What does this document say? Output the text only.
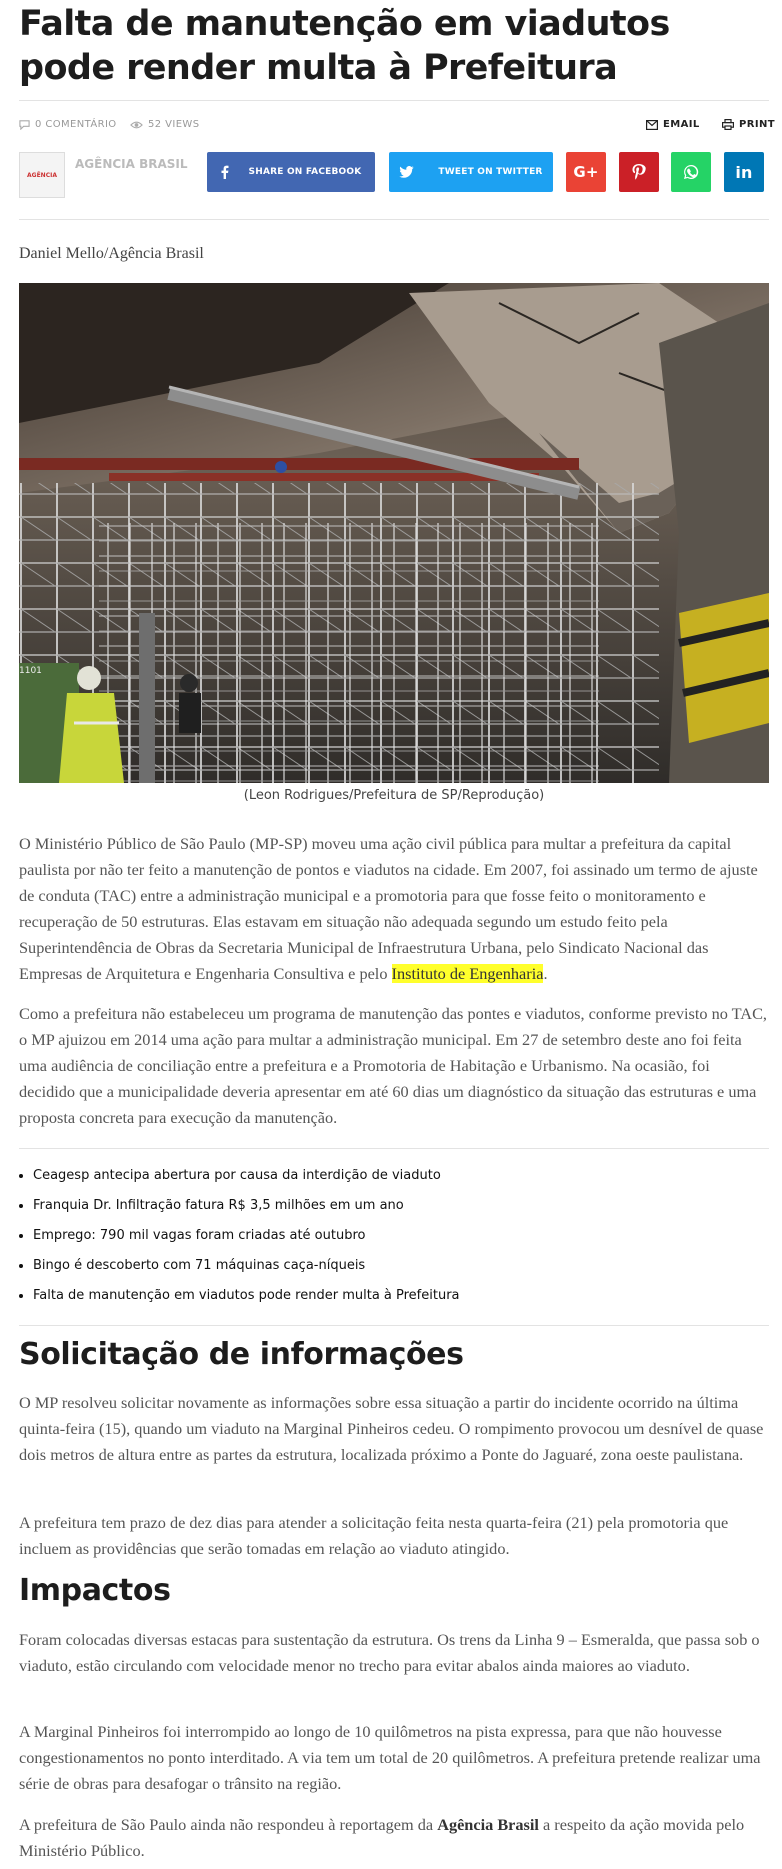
Falta de manutenção em viadutos pode render multa à Prefeitura
0 COMENTÁRIO	52 VIEWS	EMAIL	PRINT
AGÊNCIA
AGÊNCIA BRASIL
SHARE ON FACEBOOK	TWEET ON TWITTER G+	in
Daniel Mello/Agência Brasil
1101
(Leon Rodrigues/Prefeitura de SP/Reprodução)

O Ministério Público de São Paulo (MP-SP) moveu uma ação civil pública para multar a prefeitura da capital paulista por não ter feito a manutenção de pontos e viadutos na cidade. Em 2007, foi assinado um termo de ajuste de conduta (TAC) entre a administração municipal e a promotoria para que fosse feito o monitoramento e recuperação de 50 estruturas. Elas estavam em situação não adequada segundo um estudo feito pela Superintendência de Obras da Secretaria Municipal de Infraestrutura Urbana, pelo Sindicato Nacional das Empresas de Arquitetura e Engenharia Consultiva e pelo Instituto de Engenharia.

Como a prefeitura não estabeleceu um programa de manutenção das pontes e viadutos, conforme previsto no TAC, o MP ajuizou em 2014 uma ação para multar a administração municipal. Em 27 de setembro deste ano foi feita uma audiência de conciliação entre a prefeitura e a Promotoria de Habitação e Urbanismo. Na ocasião, foi decidido que a municipalidade deveria apresentar em até 60 dias um diagnóstico da situação das estruturas e uma proposta concreta para execução da manutenção.

• Ceagesp antecipa abertura por causa da interdição de viaduto
• Franquia Dr. Infiltração fatura R$ 3,5 milhões em um ano
• Emprego: 790 mil vagas foram criadas até outubro
• Bingo é descoberto com 71 máquinas caça-níqueis
• Falta de manutenção em viadutos pode render multa à Prefeitura
Solicitação de informações

O MP resolveu solicitar novamente as informações sobre essa situação a partir do incidente ocorrido na última quinta-feira (15), quando um viaduto na Marginal Pinheiros cedeu. O rompimento provocou um desnível de quase dois metros de altura entre as partes da estrutura, localizada próximo a Ponte do Jaguaré, zona oeste paulistana.

A prefeitura tem prazo de dez dias para atender a solicitação feita nesta quarta-feira (21) pela promotoria que incluem as providências que serão tomadas em relação ao viaduto atingido.

Impactos

Foram colocadas diversas estacas para sustentação da estrutura. Os trens da Linha 9 – Esmeralda, que passa sob o viaduto, estão circulando com velocidade menor no trecho para evitar abalos ainda maiores ao viaduto.

A Marginal Pinheiros foi interrompido ao longo de 10 quilômetros na pista expressa, para que não houvesse congestionamentos no ponto interditado. A via tem um total de 20 quilômetros. A prefeitura pretende realizar uma série de obras para desafogar o trânsito na região.

A prefeitura de São Paulo ainda não respondeu à reportagem da Agência Brasil a respeito da ação movida pelo Ministério Público.
